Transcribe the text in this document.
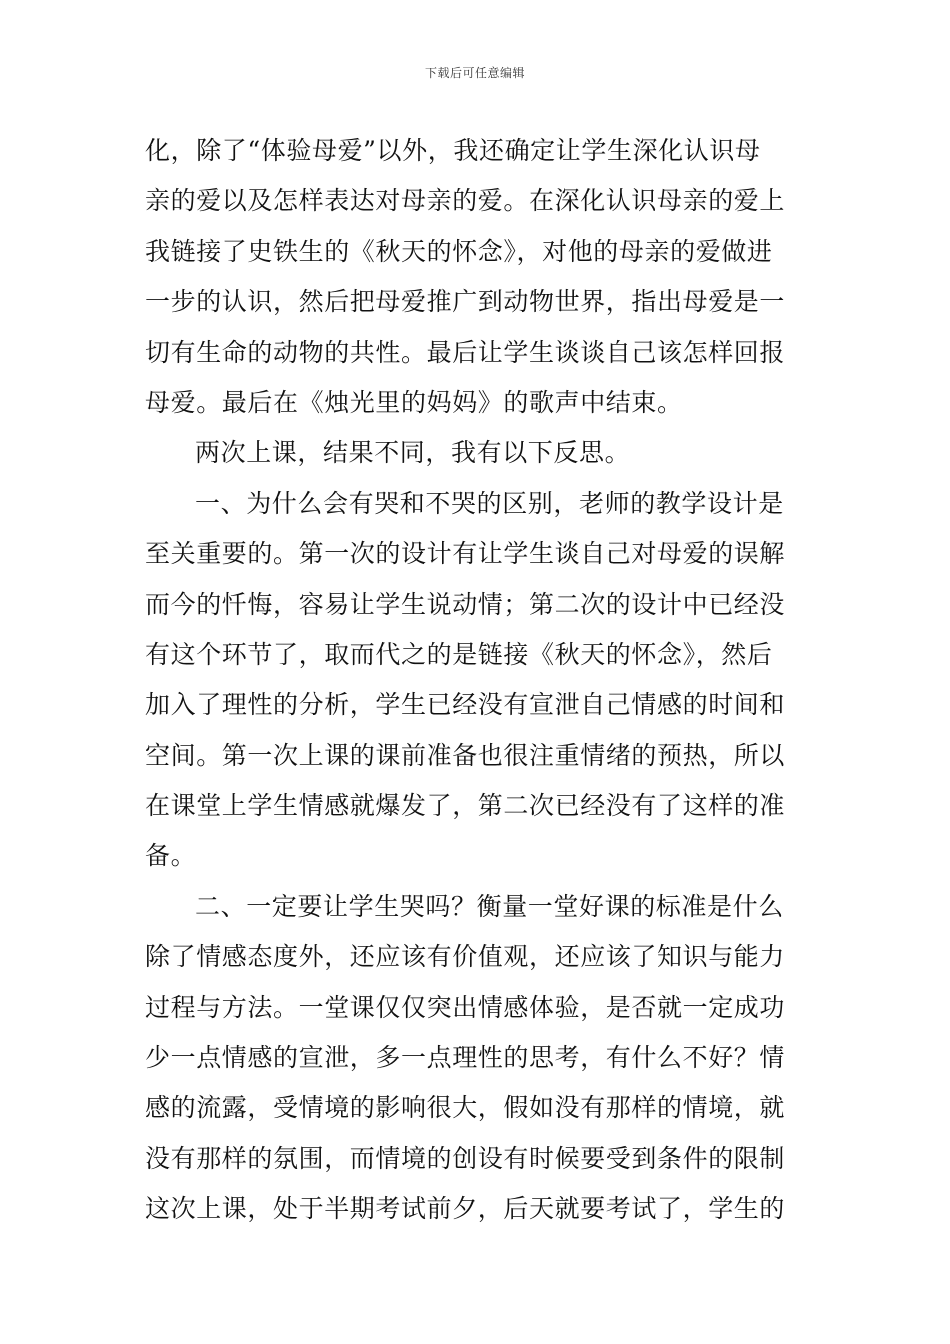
下载后可任意编辑
化，除了“体验母爱”以外，我还确定让学生深化认识母
亲的爱以及怎样表达对母亲的爱。在深化认识母亲的爱上
我链接了史铁生的《秋天的怀念》，对他的母亲的爱做进
一步的认识，然后把母爱推广到动物世界，指出母爱是一
切有生命的动物的共性。最后让学生谈谈自己该怎样回报
母爱。最后在《烛光里的妈妈》的歌声中结束。
两次上课，结果不同，我有以下反思。
一、为什么会有哭和不哭的区别，老师的教学设计是
至关重要的。第一次的设计有让学生谈自己对母爱的误解
而今的忏悔，容易让学生说动情；第二次的设计中已经没
有这个环节了，取而代之的是链接《秋天的怀念》，然后
加入了理性的分析，学生已经没有宣泄自己情感的时间和
空间。第一次上课的课前准备也很注重情绪的预热，所以
在课堂上学生情感就爆发了，第二次已经没有了这样的准
备。
二、一定要让学生哭吗？衡量一堂好课的标准是什么
除了情感态度外，还应该有价值观，还应该了知识与能力
过程与方法。一堂课仅仅突出情感体验，是否就一定成功
少一点情感的宣泄，多一点理性的思考，有什么不好？情
感的流露，受情境的影响很大，假如没有那样的情境，就
没有那样的氛围，而情境的创设有时候要受到条件的限制
这次上课，处于半期考试前夕，后天就要考试了，学生的
